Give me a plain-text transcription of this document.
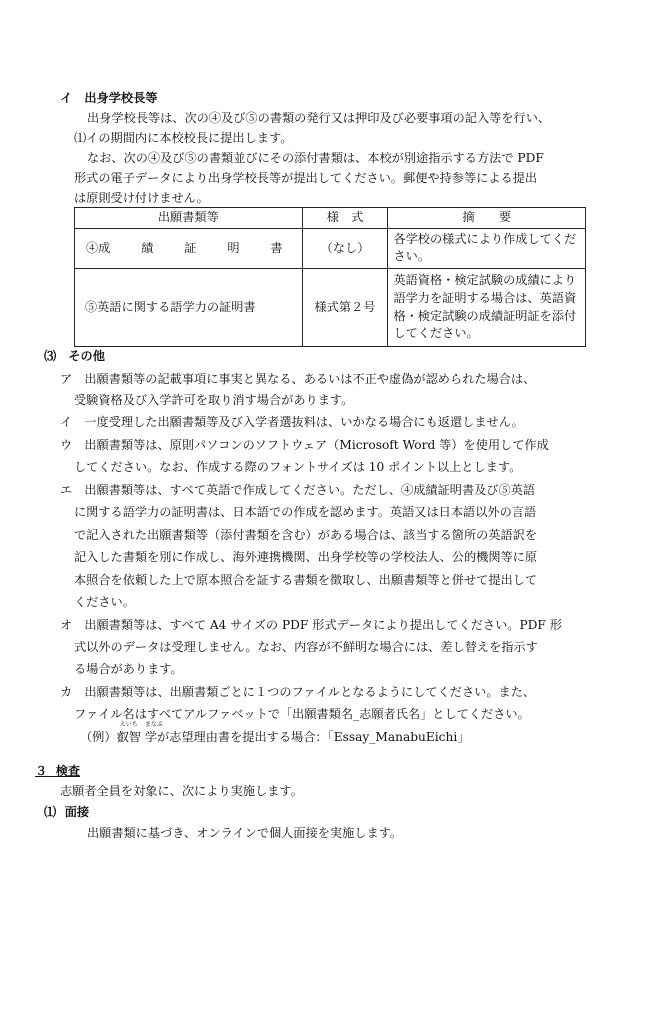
イ　出身学校長等
出身学校長等は、次の④及び⑤の書類の発行又は押印及び必要事項の記入等を行い、
⑴イの期間内に本校校長に提出します。
なお、次の④及び⑤の書類並びにその添付書類は、本校が別途指示する方法で PDF
形式の電子データにより出身学校長等が提出してください。郵便や持参等による提出
は原則受け付けません。
出願書類等	様　式	摘　　要

④成 績 証 明 書	（なし）	各学校の様式により作成してください。
⑤英語に関する語学力の証明書	様式第２号	英語資格・検定試験の成績により語学力を証明する場合は、英語資格・検定試験の成績証明証を添付してください。
⑶　その他
ア　出願書類等の記載事項に事実と異なる、あるいは不正や虚偽が認められた場合は、
受験資格及び入学許可を取り消す場合があります。
イ　一度受理した出願書類等及び入学者選抜料は、いかなる場合にも返還しません。
ウ　出願書類等は、原則パソコンのソフトウェア（Microsoft Word 等）を使用して作成
してください。なお、作成する際のフォントサイズは 10 ポイント以上とします。
エ　出願書類等は、すべて英語で作成してください。ただし、④成績証明書及び⑤英語
に関する語学力の証明書は、日本語での作成を認めます。英語又は日本語以外の言語
で記入された出願書類等（添付書類を含む）がある場合は、該当する箇所の英語訳を
記入した書類を別に作成し、海外連携機関、出身学校等の学校法人、公的機関等に原
本照合を依頼した上で原本照合を証する書類を徴取し、出願書類等と併せて提出して
ください。
オ　出願書類等は、すべて A4 サイズの PDF 形式データにより提出してください。PDF 形
式以外のデータは受理しません。なお、内容が不鮮明な場合には、差し替えを指示す
る場合があります。
カ　出願書類等は、出願書類ごとに１つのファイルとなるようにしてください。また、
ファイル名はすべてアルファベットで「出願書類名_志願者氏名」としてください。
（例）
えいち
叡智
まなぶ
学が志望理由書を提出する場合：「Essay_ManabuEichi」
３ 検査
志願者全員を対象に、次により実施します。
⑴ 面接
出願書類に基づき、オンラインで個人面接を実施します。
